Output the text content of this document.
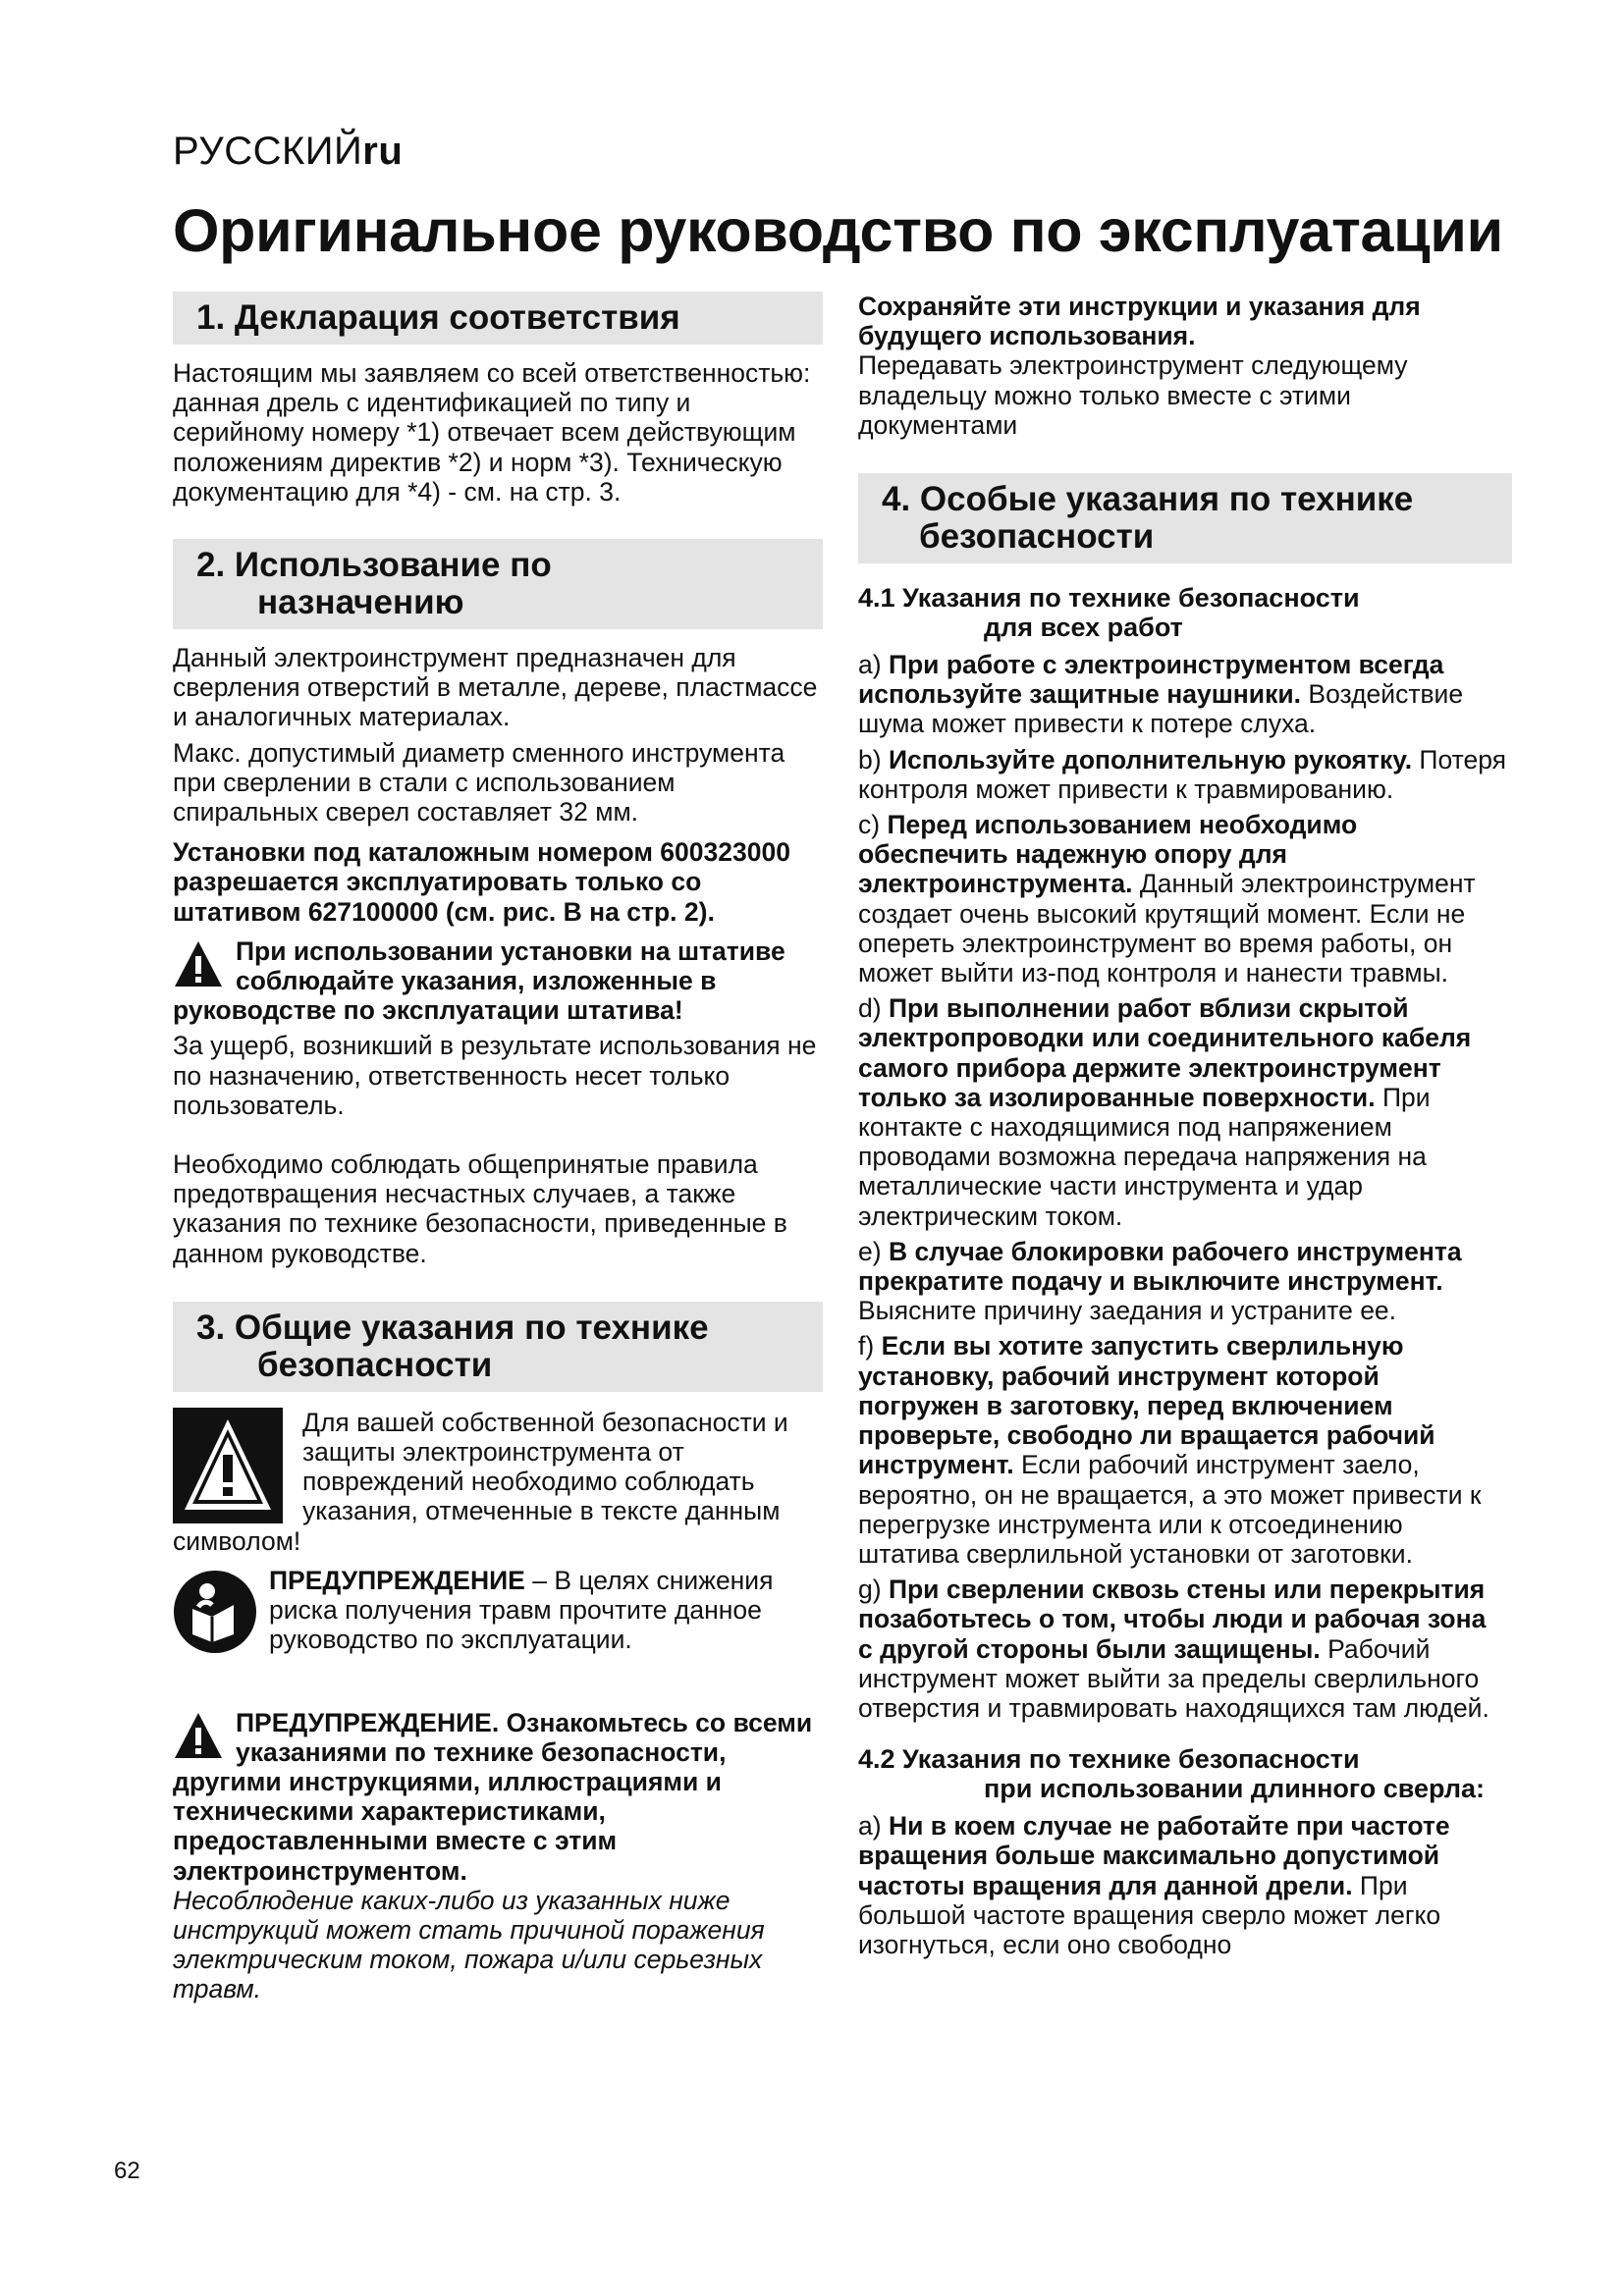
РУССКИЙru
Оригинальное руководство по эксплуатации
1. Декларация соответствия

Настоящим мы заявляем со всей ответственностью: данная дрель с идентификацией по типу и серийному номеру *1) отвечает всем действующим положениям директив *2) и норм *3). Техническую документацию для *4) - см. на стр. 3.

2. Использование по
назначению

Данный электроинструмент предназначен для сверления отверстий в металле, дереве, пластмассе и аналогичных материалах.

Макс. допустимый диаметр сменного инструмента при сверлении в стали с использованием спиральных сверел составляет 32 мм.

Установки под каталожным номером 600323000 разрешается эксплуатировать только со штативом 627100000 (см. рис. В на стр. 2).

При использовании установки на штативе соблюдайте указания, изложенные в руководстве по эксплуатации штатива!

За ущерб, возникший в результате использования не по назначению, ответственность несет только пользователь.

Необходимо соблюдать общепринятые правила предотвращения несчастных случаев, а также указания по технике безопасности, приведенные в данном руководстве.

3. Общие указания по технике
безопасности

Для вашей собственной безопасности и защиты электроинструмента от повреждений необходимо соблюдать указания, отмеченные в тексте данным символом!

ПРЕДУПРЕЖДЕНИЕ – В целях снижения риска получения травм прочтите данное руководство по эксплуатации.

ПРЕДУПРЕЖДЕНИЕ. Ознакомьтесь со всеми указаниями по технике безопасности, другими инструкциями, иллюстрациями и техническими характеристиками, предоставленными вместе с этим электроинструментом.

Несоблюдение каких-либо из указанных ниже инструкций может стать причиной поражения электрическим током, пожара и/или серьезных травм.

Сохраняйте эти инструкции и указания для будущего использования.

Передавать электроинструмент следующему владельцу можно только вместе с этими документами

4. Особые указания по технике
безопасности
4.1 Указания по технике безопасности
для всех работ

a) При работе с электроинструментом всегда используйте защитные наушники. Воздействие шума может привести к потере слуха.

b) Используйте дополнительную рукоятку. Потеря контроля может привести к травмированию.

c) Перед использованием необходимо обеспечить надежную опору для электроинструмента. Данный электроинструмент создает очень высокий крутящий момент. Если не опереть электроинструмент во время работы, он может выйти из-под контроля и нанести травмы.

d) При выполнении работ вблизи скрытой электропроводки или соединительного кабеля самого прибора держите электроинструмент только за изолированные поверхности. При контакте с находящимися под напряжением проводами возможна передача напряжения на металлические части инструмента и удар электрическим током.

e) В случае блокировки рабочего инструмента прекратите подачу и выключите инструмент. Выясните причину заедания и устраните ее.

f) Если вы хотите запустить сверлильную установку, рабочий инструмент которой погружен в заготовку, перед включением проверьте, свободно ли вращается рабочий инструмент. Если рабочий инструмент заело, вероятно, он не вращается, а это может привести к перегрузке инструмента или к отсоединению штатива сверлильной установки от заготовки.

g) При сверлении сквозь стены или перекрытия позаботьтесь о том, чтобы люди и рабочая зона с другой стороны были защищены. Рабочий инструмент может выйти за пределы сверлильного отверстия и травмировать находящихся там людей.

4.2 Указания по технике безопасности
при использовании длинного сверла:

a) Ни в коем случае не работайте при частоте вращения больше максимально допустимой частоты вращения для данной дрели. При большой частоте вращения сверло может легко изогнуться, если оно свободно

62
